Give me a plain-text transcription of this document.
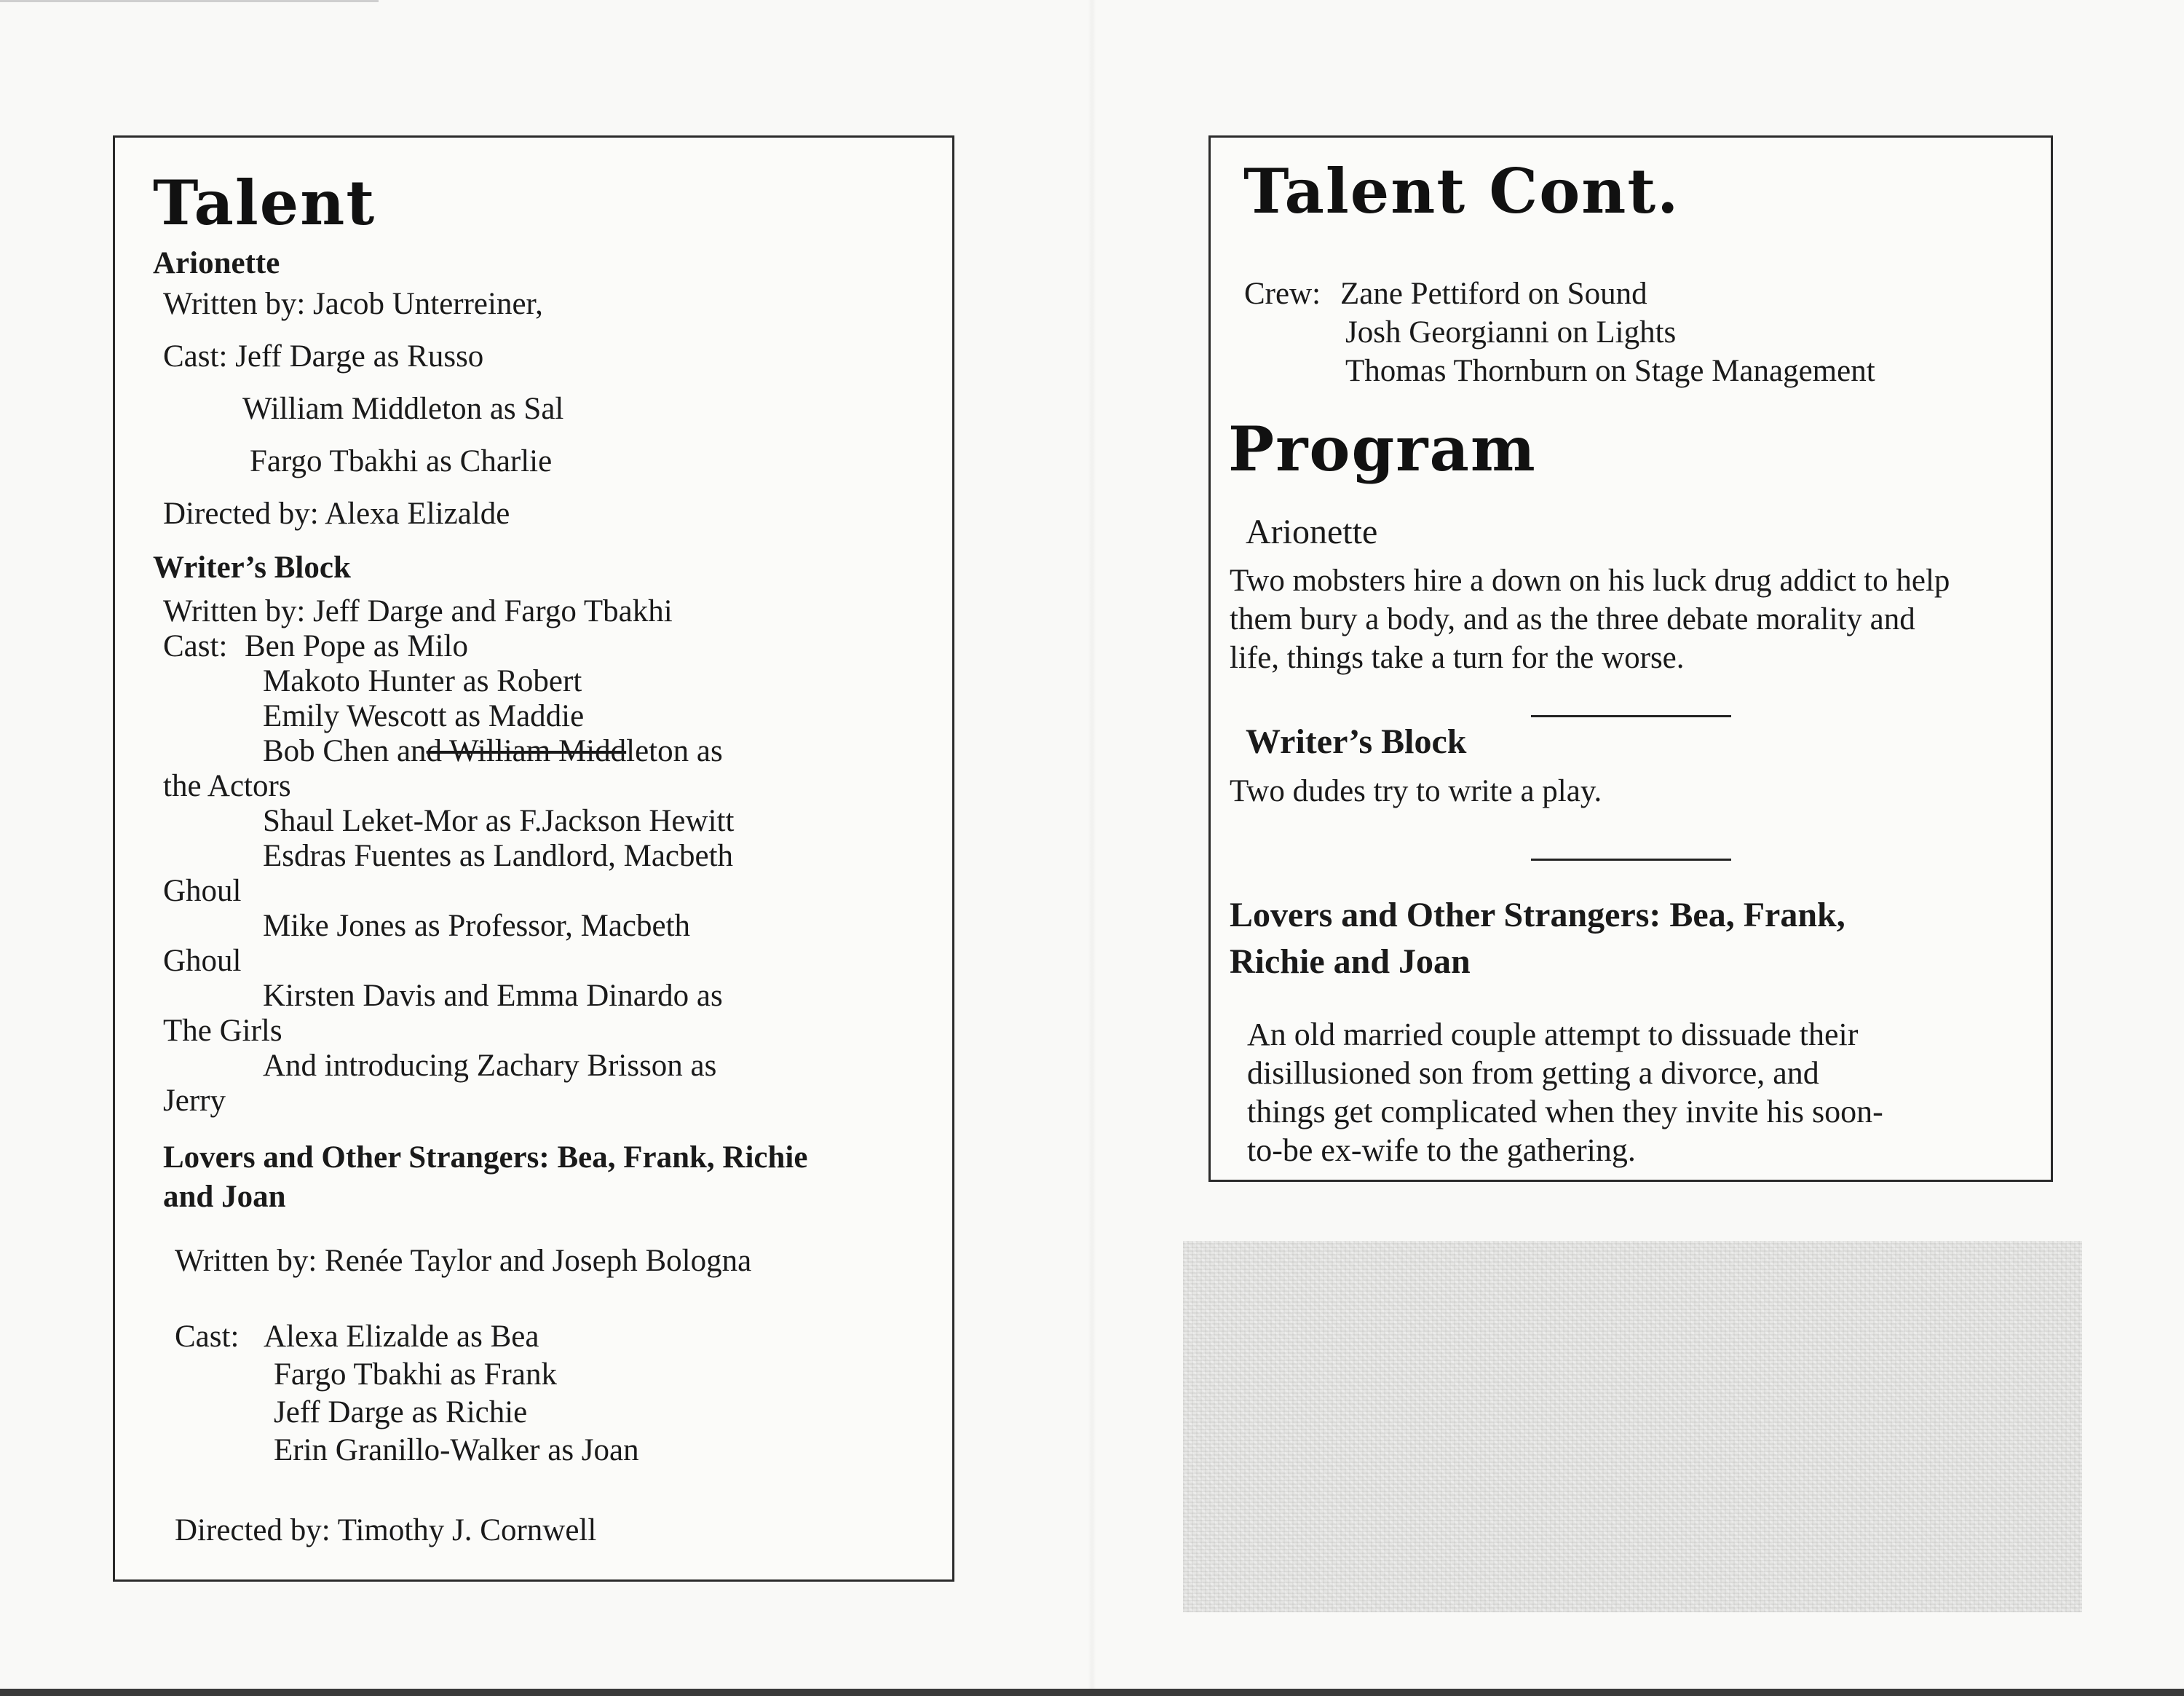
Talent
Arionette
Written by: Jacob Unterreiner,
Cast: Jeff Darge as Russo
William Middleton as Sal
Fargo Tbakhi as Charlie
Directed by: Alexa Elizalde
Writer’s Block
Written by: Jeff Darge and Fargo Tbakhi
Cast: Ben Pope as Milo
Makoto Hunter as Robert
Emily Wescott as Maddie
Bob Chen and William Middleton as
the Actors
Shaul Leket-Mor as F.Jackson Hewitt
Esdras Fuentes as Landlord, Macbeth
Ghoul
Mike Jones as Professor, Macbeth
Ghoul
Kirsten Davis and Emma Dinardo as
The Girls
And introducing Zachary Brisson as
Jerry
Lovers and Other Strangers: Bea, Frank, Richie
and Joan
Written by: Renée Taylor and Joseph Bologna
Cast: Alexa Elizalde as Bea
Fargo Tbakhi as Frank
Jeff Darge as Richie
Erin Granillo-Walker as Joan
Directed by: Timothy J. Cornwell
Talent Cont.
Crew: Zane Pettiford on Sound
Josh Georgianni on Lights
Thomas Thornburn on Stage Management
Program
Arionette
Two mobsters hire a down on his luck drug addict to help
them bury a body, and as the three debate morality and
life, things take a turn for the worse.
Writer’s Block
Two dudes try to write a play.
Lovers and Other Strangers: Bea, Frank,
Richie and Joan
An old married couple attempt to dissuade their
disillusioned son from getting a divorce, and
things get complicated when they invite his soon-
to-be ex-wife to the gathering.
